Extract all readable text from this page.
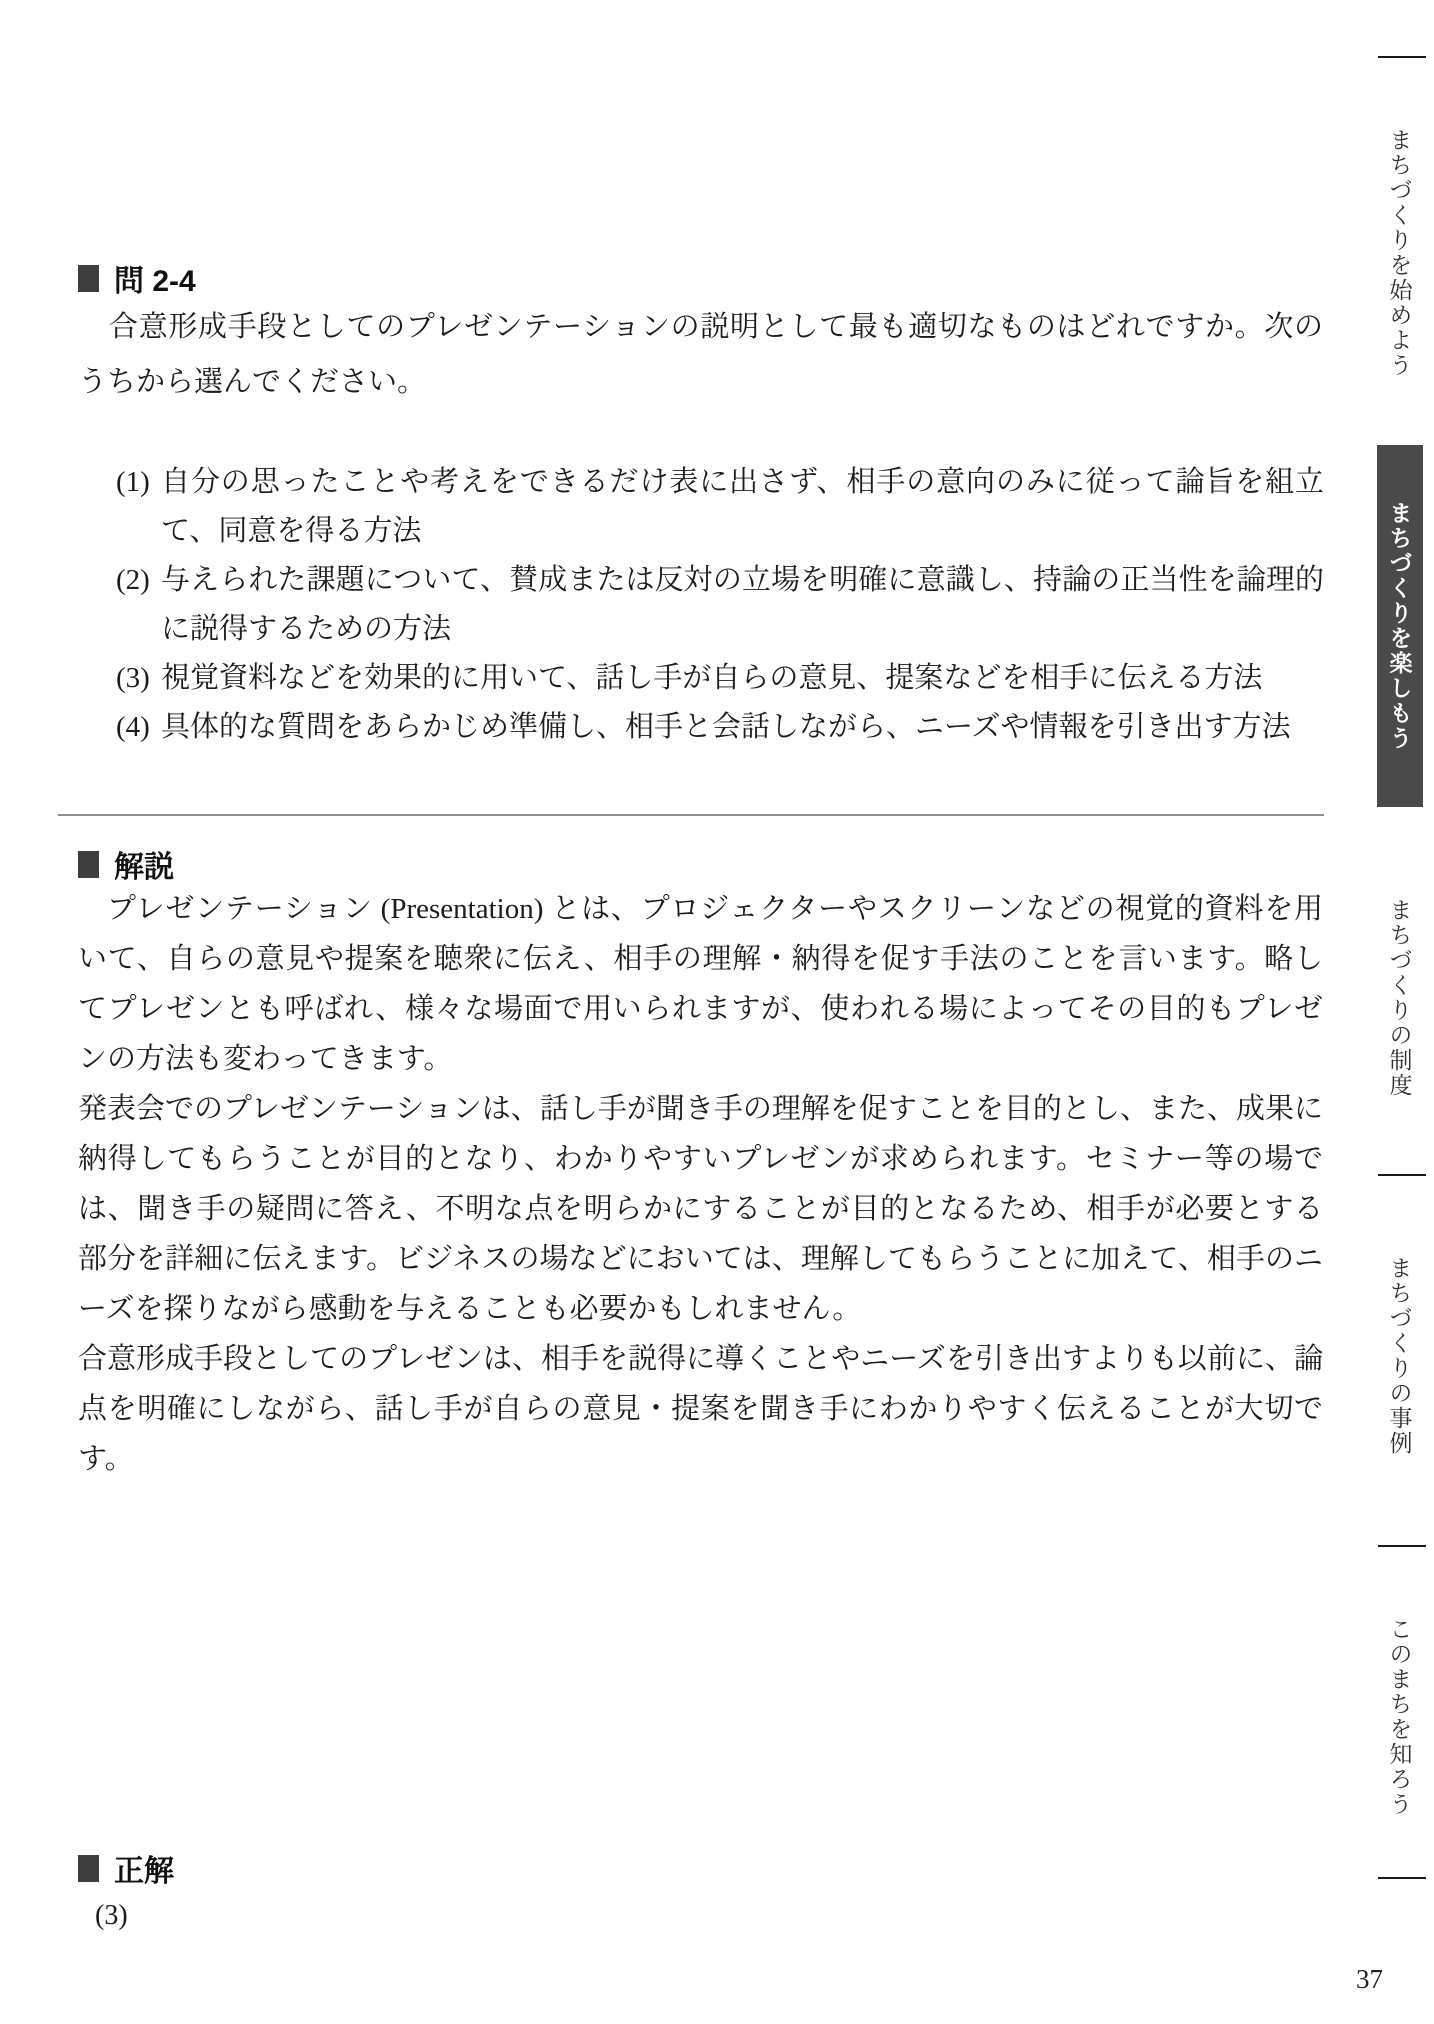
問 2-4

合意形成手段としてのプレゼンテーションの説明として最も適切なものはどれですか。次のうちから選んでください。

(1) 自分の思ったことや考えをできるだけ表に出さず、相手の意向のみに従って論旨を組立て、同意を得る方法
(2) 与えられた課題について、賛成または反対の立場を明確に意識し、持論の正当性を論理的に説得するための方法
(3) 視覚資料などを効果的に用いて、話し手が自らの意見、提案などを相手に伝える方法
(4) 具体的な質問をあらかじめ準備し、相手と会話しながら、ニーズや情報を引き出す方法
解説

プレゼンテーション (Presentation) とは、プロジェクターやスクリーンなどの視覚的資料を用いて、自らの意見や提案を聴衆に伝え、相手の理解・納得を促す手法のことを言います。略してプレゼンとも呼ばれ、様々な場面で用いられますが、使われる場によってその目的もプレゼンの方法も変わってきます。

発表会でのプレゼンテーションは、話し手が聞き手の理解を促すことを目的とし、また、成果に納得してもらうことが目的となり、わかりやすいプレゼンが求められます。セミナー等の場では、聞き手の疑問に答え、不明な点を明らかにすることが目的となるため、相手が必要とする部分を詳細に伝えます。ビジネスの場などにおいては、理解してもらうことに加えて、相手のニーズを探りながら感動を与えることも必要かもしれません。

合意形成手段としてのプレゼンは、相手を説得に導くことやニーズを引き出すよりも以前に、論点を明確にしながら、話し手が自らの意見・提案を聞き手にわかりやすく伝えることが大切です。

正解
(3)
37
まちづくりを始めよう
まちづくりを楽しもう
まちづくりの制度
まちづくりの事例
このまちを知ろう
